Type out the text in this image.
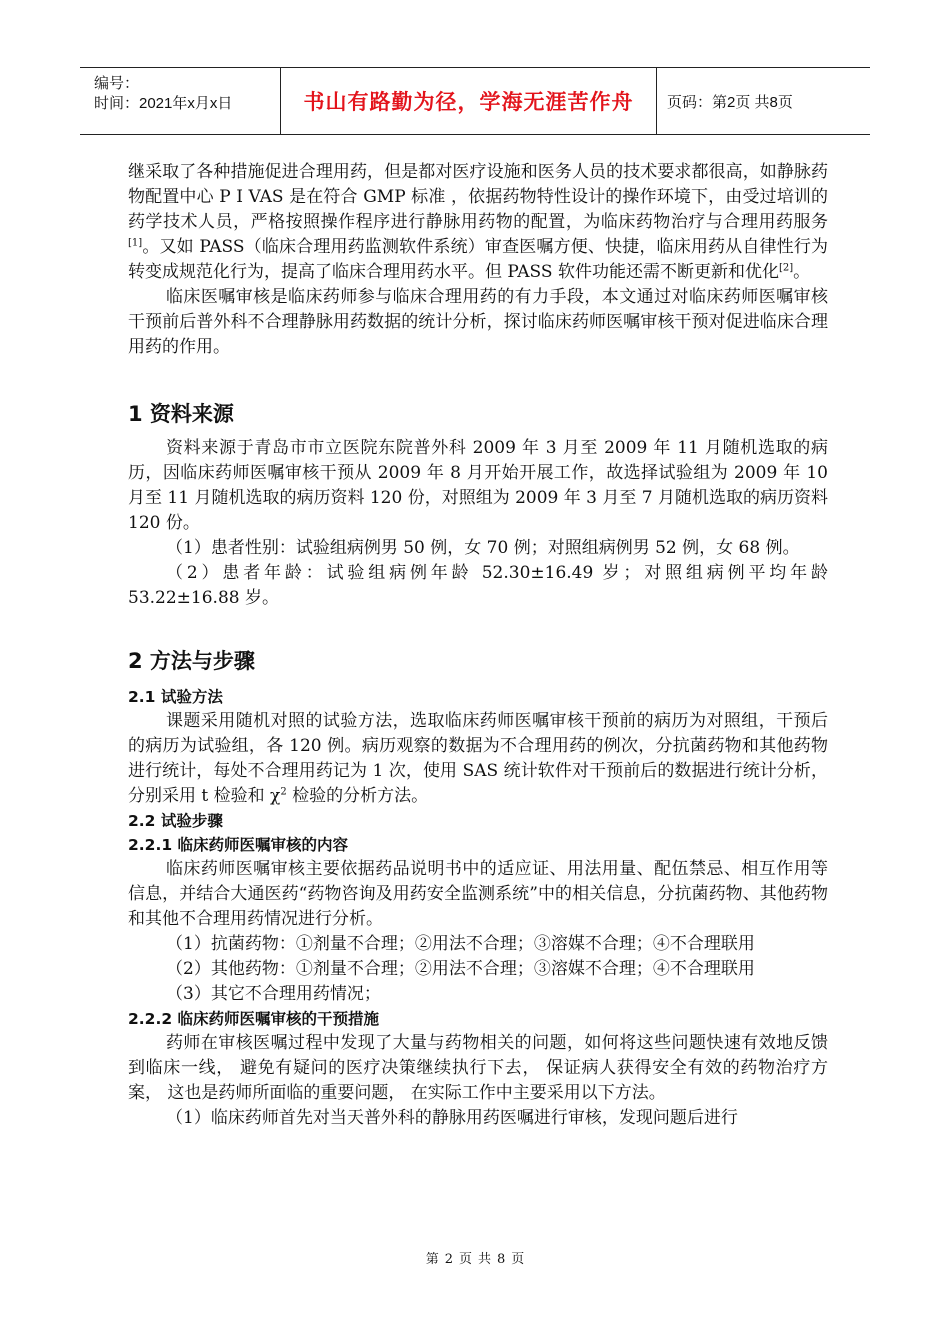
编号：
时间：2021年x月x日	书山有路勤为径，学海无涯苦作舟	页码：第2页 共8页

继采取了各种措施促进合理用药，但是都对医疗设施和医务人员的技术要求都很高，如静脉药物配置中心 P I VAS 是在符合 GMP 标准 ，依据药物特性设计的操作环境下，由受过培训的药学技术人员，严格按照操作程序进行静脉用药物的配置，为临床药物治疗与合理用药服务[1]。又如 PASS（临床合理用药监测软件系统）审查医嘱方便、快捷，临床用药从自律性行为转变成规范化行为，提高了临床合理用药水平。但 PASS 软件功能还需不断更新和优化[2]。

临床医嘱审核是临床药师参与临床合理用药的有力手段，本文通过对临床药师医嘱审核干预前后普外科不合理静脉用药数据的统计分析，探讨临床药师医嘱审核干预对促进临床合理用药的作用。

1 资料来源

资料来源于青岛市市立医院东院普外科 2009 年 3 月至 2009 年 11 月随机选取的病历，因临床药师医嘱审核干预从 2009 年 8 月开始开展工作，故选择试验组为 2009 年 10 月至 11 月随机选取的病历资料 120 份，对照组为 2009 年 3 月至 7 月随机选取的病历资料 120 份。

（1）患者性别：试验组病例男 50 例，女 70 例；对照组病例男 52 例，女 68 例。

（2）患者年龄：试验组病例年龄 52.30±16.49 岁；对照组病例平均年龄 53.22±16.88 岁。

2 方法与步骤
2.1 试验方法

课题采用随机对照的试验方法，选取临床药师医嘱审核干预前的病历为对照组，干预后的病历为试验组，各 120 例。病历观察的数据为不合理用药的例次，分抗菌药物和其他药物进行统计，每处不合理用药记为 1 次，使用 SAS 统计软件对干预前后的数据进行统计分析，分别采用 t 检验和 $\chi^2$ 检验的分析方法。

2.2 试验步骤
2.2.1 临床药师医嘱审核的内容

临床药师医嘱审核主要依据药品说明书中的适应证、用法用量、配伍禁忌、相互作用等信息，并结合大通医药“药物咨询及用药安全监测系统”中的相关信息，分抗菌药物、其他药物和其他不合理用药情况进行分析。

（1）抗菌药物：①剂量不合理；②用法不合理；③溶媒不合理；④不合理联用

（2）其他药物：①剂量不合理；②用法不合理；③溶媒不合理；④不合理联用

（3）其它不合理用药情况；

2.2.2 临床药师医嘱审核的干预措施

药师在审核医嘱过程中发现了大量与药物相关的问题，如何将这些问题快速有效地反馈到临床一线， 避免有疑问的医疗决策继续执行下去， 保证病人获得安全有效的药物治疗方案， 这也是药师所面临的重要问题， 在实际工作中主要采用以下方法。

（1）临床药师首先对当天普外科的静脉用药医嘱进行审核，发现问题后进行

第 2 页 共 8 页
